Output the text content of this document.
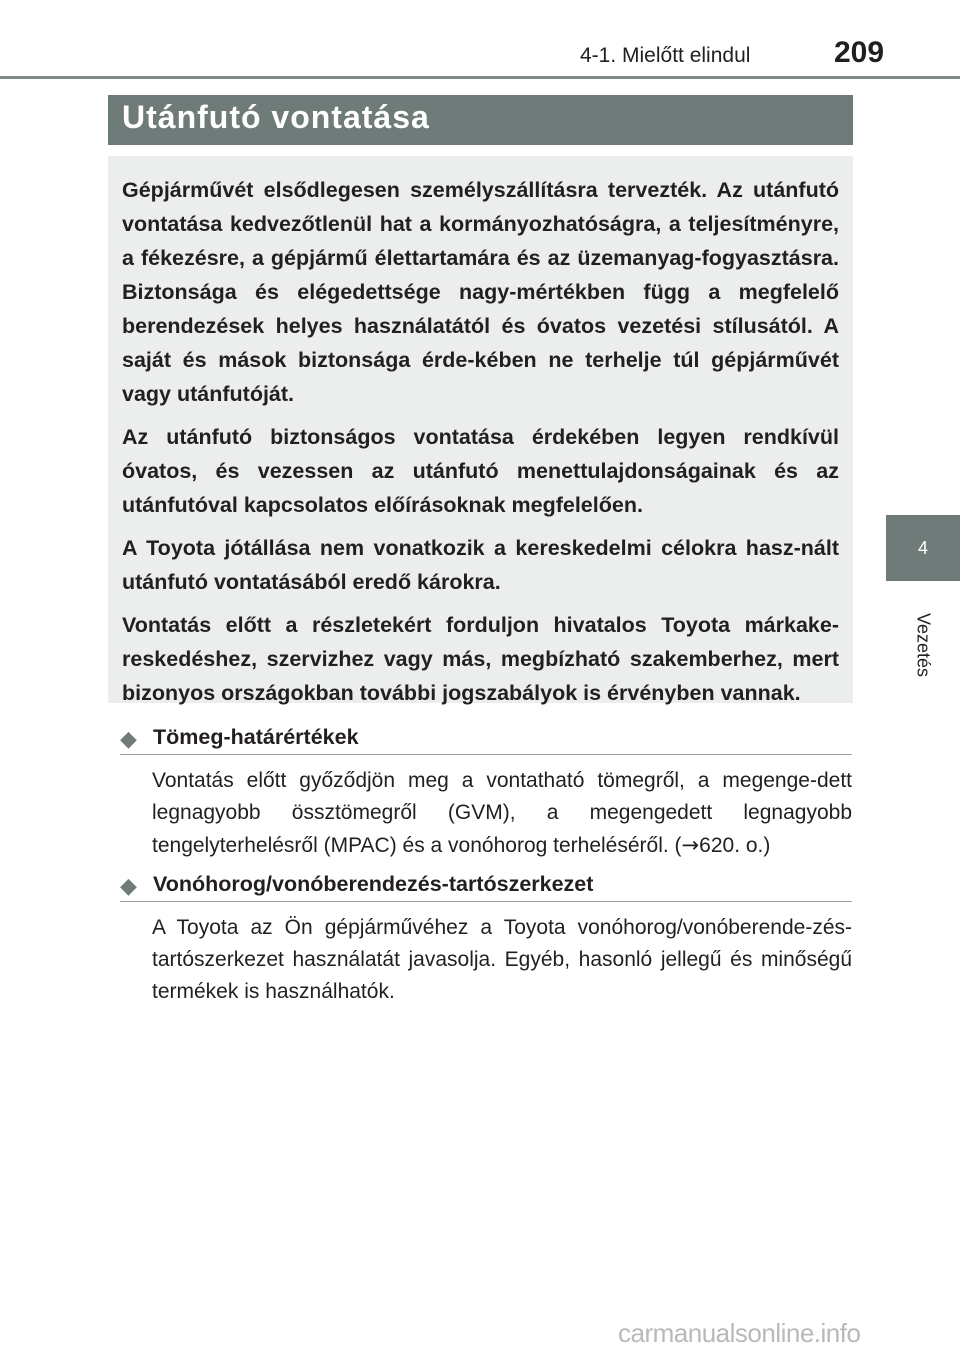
4-1. Mielőtt elindul	209
4
Vezetés
Utánfutó vontatása

Gépjárművét elsődlegesen személyszállításra tervezték. Az utánfutó vontatása kedvezőtlenül hat a kormányozhatóságra, a teljesítményre, a fékezésre, a gépjármű élettartamára és az üzemanyag-fogyasztásra. Biztonsága és elégedettsége nagy-mértékben függ a megfelelő berendezések helyes használatától és óvatos vezetési stílusától. A saját és mások biztonsága érde-kében ne terhelje túl gépjárművét vagy utánfutóját.

Az utánfutó biztonságos vontatása érdekében legyen rendkívül óvatos, és vezessen az utánfutó menettulajdonságainak és az utánfutóval kapcsolatos előírásoknak megfelelően.

A Toyota jótállása nem vonatkozik a kereskedelmi célokra hasz-nált utánfutó vontatásából eredő károkra.

Vontatás előtt a részletekért forduljon hivatalos Toyota márkake-reskedéshez, szervizhez vagy más, megbízható szakemberhez, mert bizonyos országokban további jogszabályok is érvényben vannak.

◆ Tömeg-határértékek

Vontatás előtt győződjön meg a vontatható tömegről, a megenge-dett legnagyobb össztömegről (GVM), a megengedett legnagyobb tengelyterhelésről (MPAC) és a vonóhorog terheléséről. (→620. o.)

◆ Vonóhorog/vonóberendezés-tartószerkezet

A Toyota az Ön gépjárművéhez a Toyota vonóhorog/vonóberende-zés-tartószerkezet használatát javasolja. Egyéb, hasonló jellegű és minőségű termékek is használhatók.

carmanualsonline.info
